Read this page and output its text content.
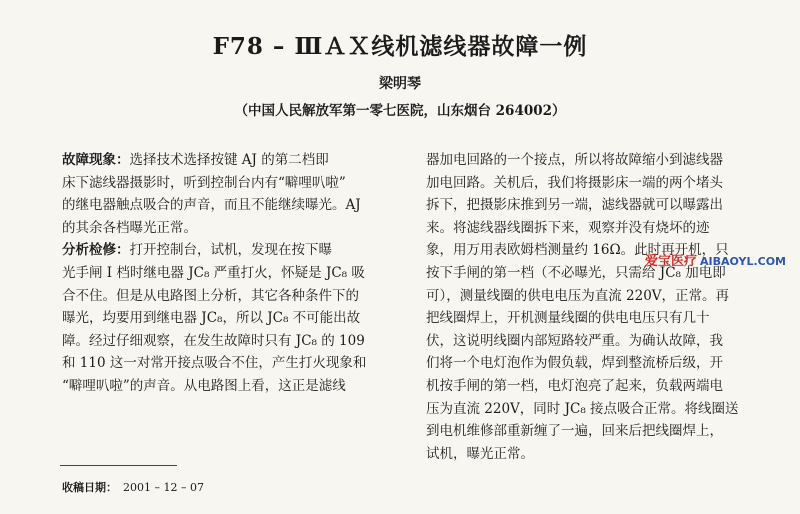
F78 – ⅢＡＸ线机滤线器故障一例
梁明琴
（中国人民解放军第一零七医院，山东烟台 264002）

故障现象：选择技术选择按键 AJ 的第二档即

床下滤线器摄影时，听到控制台内有“噼哩叭啦”

的继电器触点吸合的声音，而且不能继续曝光。AJ

的其余各档曝光正常。

分析检修：打开控制台，试机，发现在按下曝

光手闸 I 档时继电器 JC₈ 严重打火，怀疑是 JC₈ 吸

合不住。但是从电路图上分析，其它各种条件下的

曝光，均要用到继电器 JC₈，所以 JC₈ 不可能出故

障。经过仔细观察，在发生故障时只有 JC₈ 的 109

和 110 这一对常开接点吸合不住，产生打火现象和

“噼哩叭啦”的声音。从电路图上看，这正是滤线

器加电回路的一个接点，所以将故障缩小到滤线器

加电回路。关机后，我们将摄影床一端的两个堵头

拆下，把摄影床推到另一端，滤线器就可以曝露出

来。将滤线器线圈拆下来，观察并没有烧坏的迹

象，用万用表欧姆档测量约 16Ω。此时再开机，只

按下手闸的第一档（不必曝光，只需给 JC₈ 加电即

可），测量线圈的供电电压为直流 220V，正常。再

把线圈焊上，开机测量线圈的供电电压只有几十

伏，这说明线圈内部短路较严重。为确认故障，我

们将一个电灯泡作为假负载，焊到整流桥后级，开

机按手闸的第一档，电灯泡亮了起来，负载两端电

压为直流 220V，同时 JC₈ 接点吸合正常。将线圈送

到电机维修部重新缠了一遍，回来后把线圈焊上，

试机，曝光正常。

收稿日期： 2001 – 12 – 07
爱宝医疗 AIBAOYL.COM
